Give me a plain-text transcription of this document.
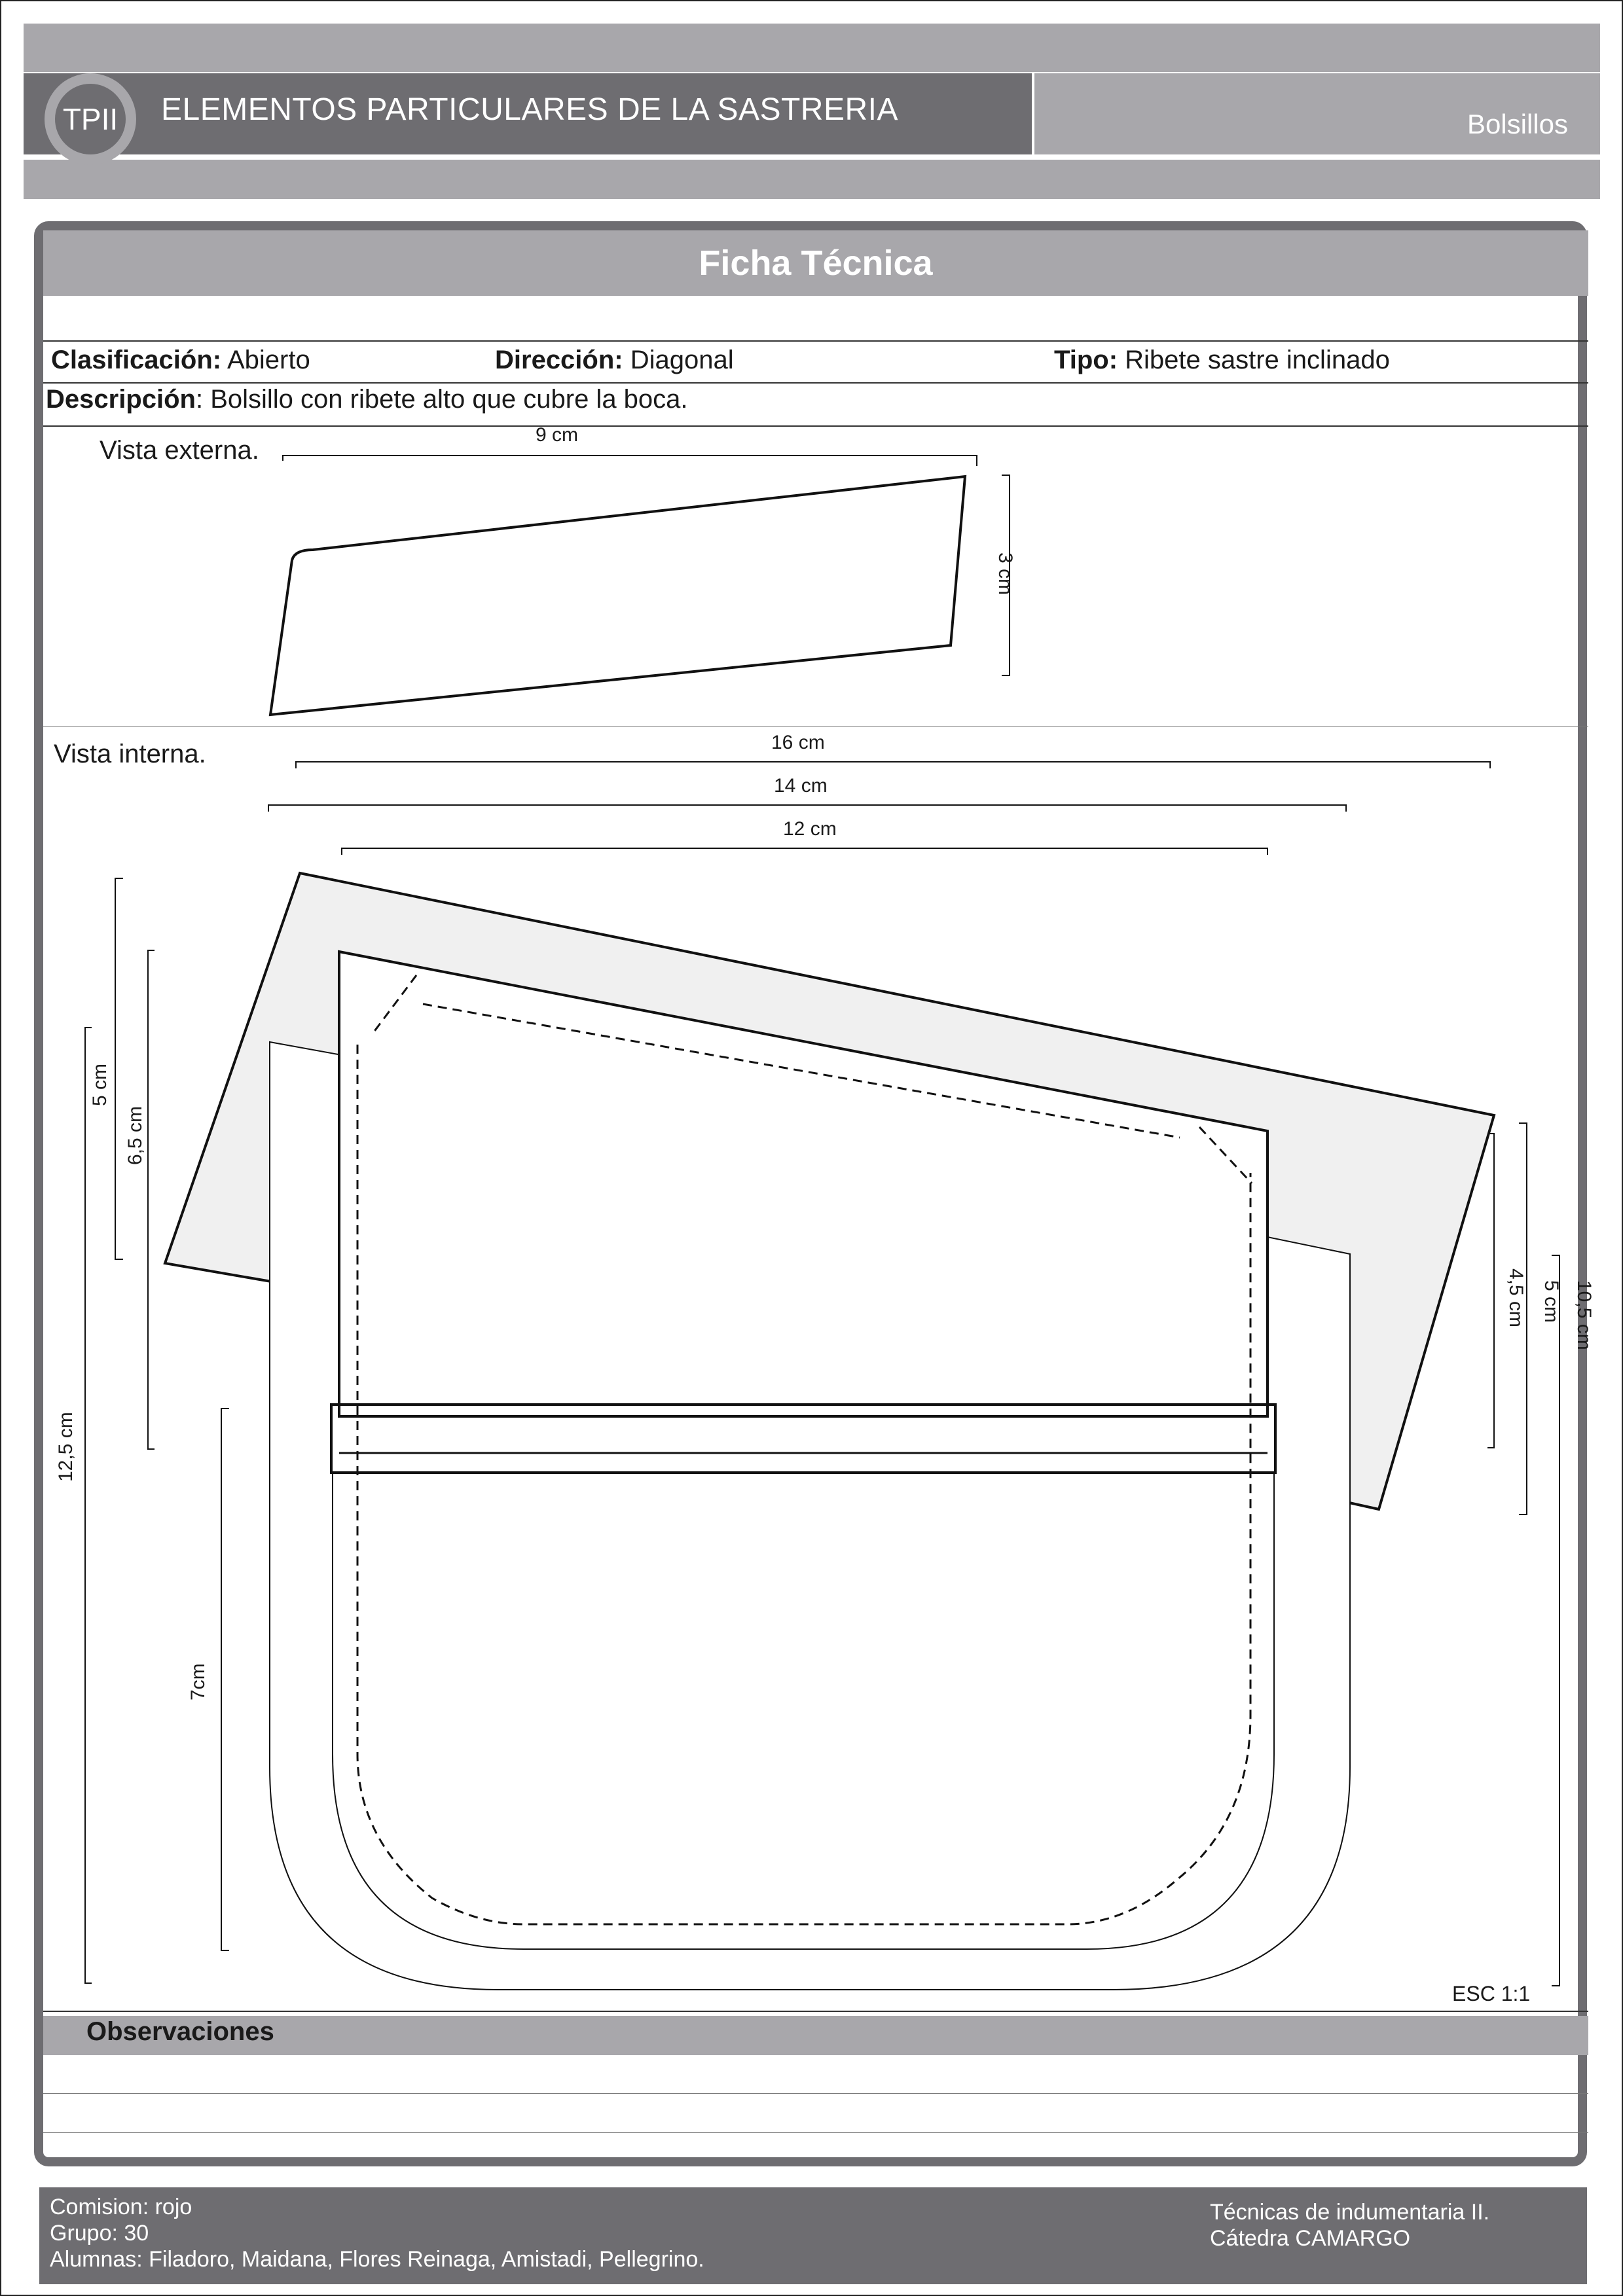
TPII ELEMENTOS PARTICULARES DE LA SASTRERIA	Bolsillos
Ficha Técnica
Clasificación: Abierto	Dirección: Diagonal	Tipo: Ribete sastre inclinado
Descripción: Bolsillo con ribete alto que cubre la boca.
Vista externa.
9 cm
3 cm
Vista interna.	16 cm
14 cm
12 cm
5 cm
6,5 cm
12,5 cm
7cm
4,5 cm 5 cm 10,5 cm
ESC 1:1
Observaciones
Comision: rojo
Grupo: 30
Alumnas: Filadoro, Maidana, Flores Reinaga, Amistadi, Pellegrino.
Técnicas de indumentaria II.
Cátedra CAMARGO
